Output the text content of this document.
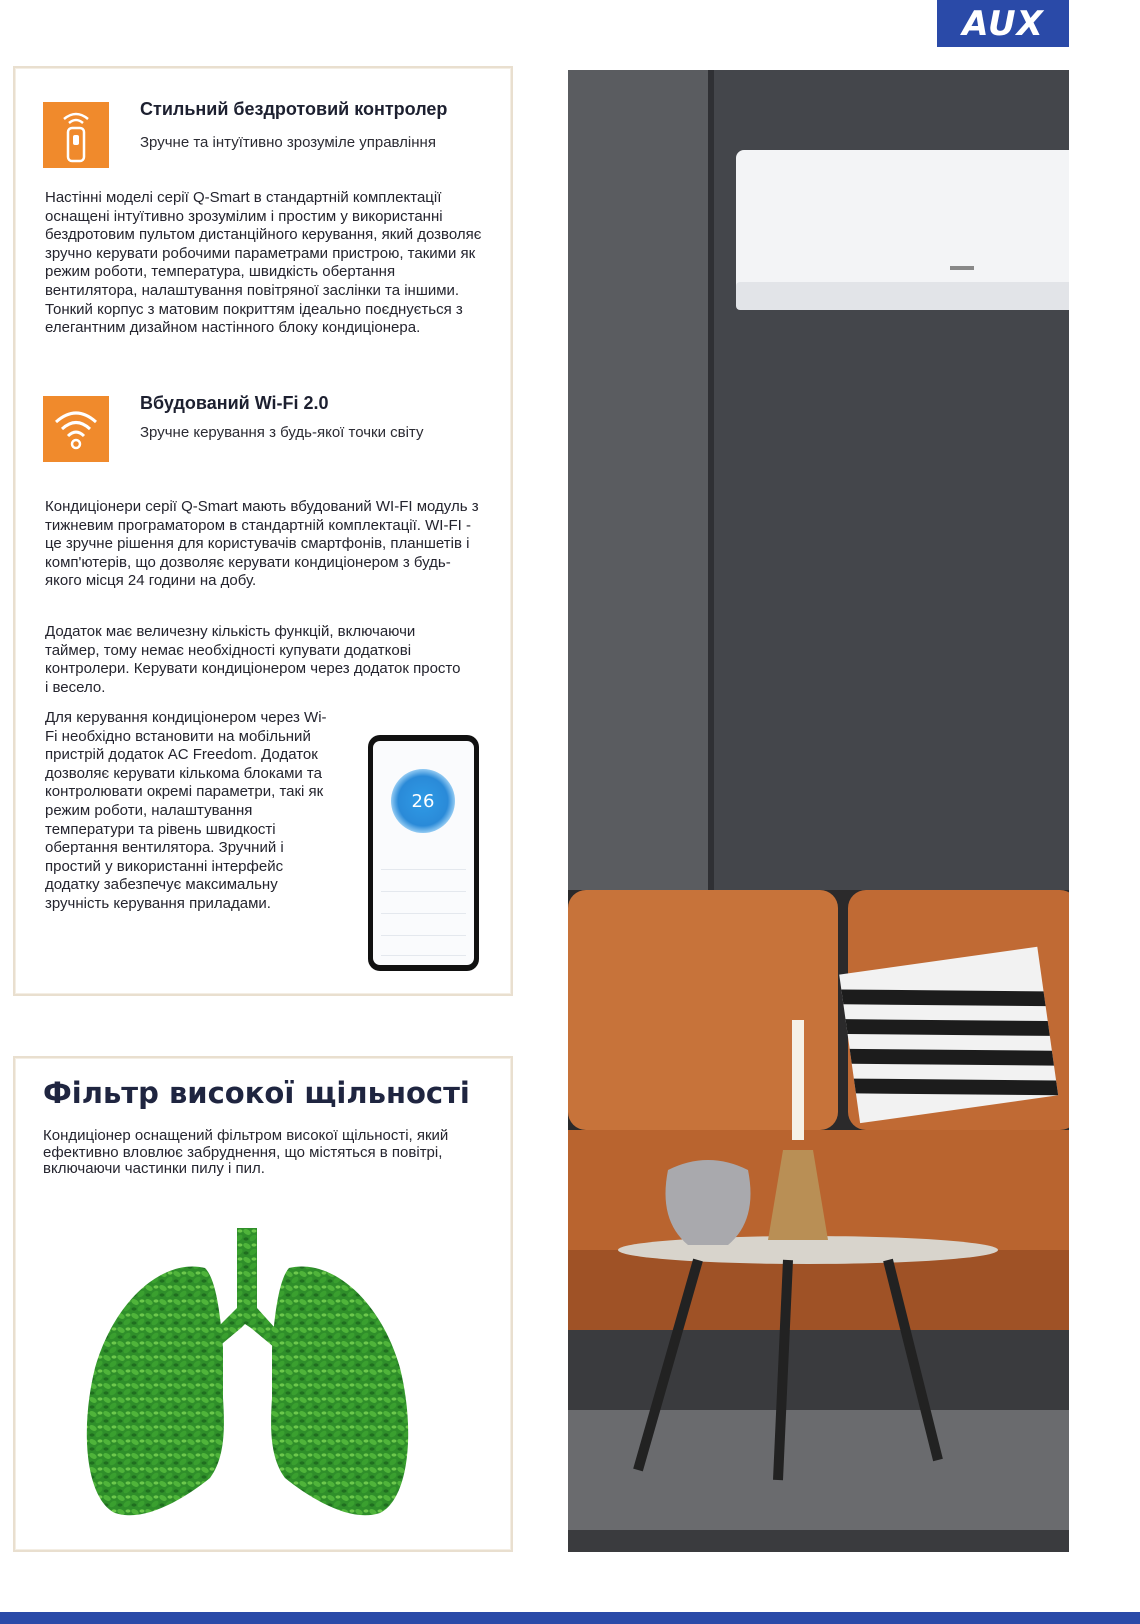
AUX
Стильний бездротовий контролер

Зручне та інтуїтивно зрозуміле управління

Настінні моделі серії Q-Smart в стандартній комплектації оснащені інтуїтивно зрозумілим і простим у використанні бездротовим пультом дистанційного керування, який дозволяє зручно керувати робочими параметрами пристрою, такими як режим роботи, температура, швидкість обертання вентилятора, налаштування повітряної заслінки та іншими. Тонкий корпус з матовим покриттям ідеально поєднується з елегантним дизайном настінного блоку кондиціонера.

Вбудований Wi-Fi 2.0

Зручне керування з будь-якої точки світу

Кондиціонери серії Q-Smart мають вбудований WI-FI модуль з тижневим програматором в стандартній комплектації. WI-FI - це зручне рішення для користувачів смартфонів, планшетів і комп'ютерів, що дозволяє керувати кондиціонером з будь-якого місця 24 години на добу.

Додаток має величезну кількість функцій, включаючи таймер, тому немає необхідності купувати додаткові контролери. Керувати кондиціонером через додаток просто і весело.

Для керування кондиціонером через Wi-Fi необхідно встановити на мобільний пристрій додаток AC Freedom. Додаток дозволяє керувати кількома блоками та контролювати окремі параметри, такі як режим роботи, налаштування температури та рівень швидкості обертання вентилятора. Зручний і простий у використанні інтерфейс додатку забезпечує максимальну зручність керування приладами.

26
Фільтр високої щільності

Кондиціонер оснащений фільтром високої щільності, який ефективно вловлює забруднення, що містяться в повітрі, включаючи частинки пилу і пил.
